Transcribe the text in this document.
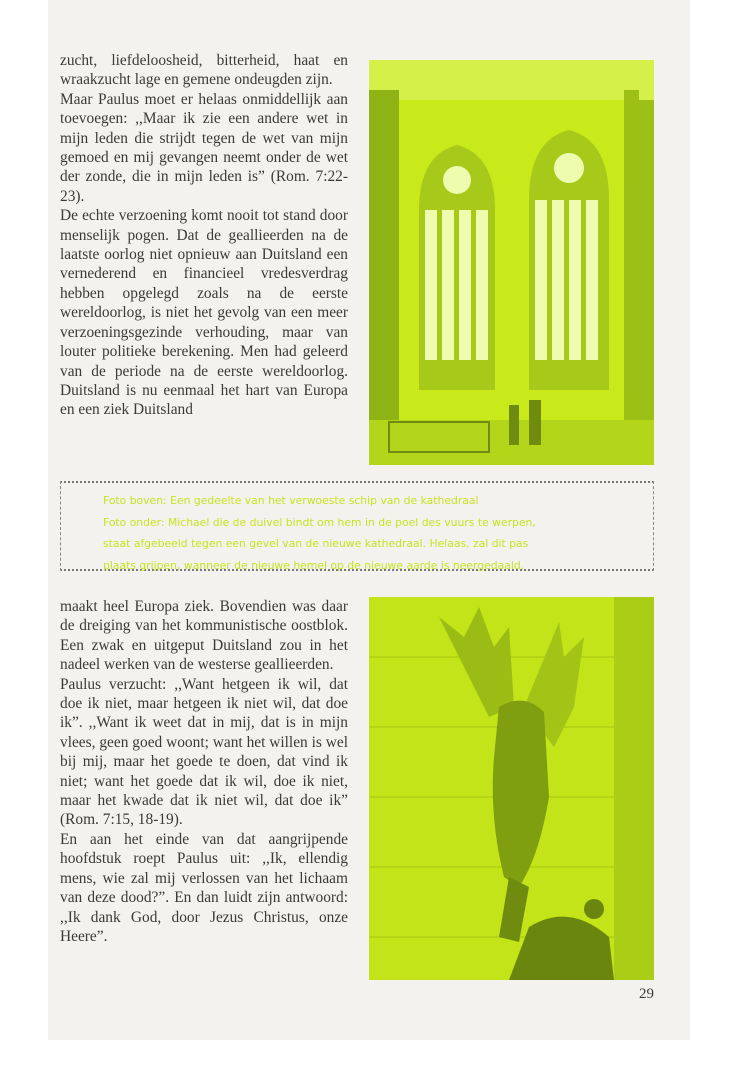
zucht, liefdeloosheid, bitterheid, haat en wraakzucht lage en gemene ondeugden zijn.

Maar Paulus moet er helaas onmiddellijk aan toevoegen: ,,Maar ik zie een andere wet in mijn leden die strijdt tegen de wet van mijn gemoed en mij gevangen neemt onder de wet der zonde, die in mijn leden is” (Rom. 7:22-23).

De echte verzoening komt nooit tot stand door menselijk pogen. Dat de geallieerden na de laatste oorlog niet opnieuw aan Duitsland een vernederend en financieel vredesverdrag hebben opgelegd zoals na de eerste wereldoorlog, is niet het gevolg van een meer verzoeningsgezinde verhouding, maar van louter politieke berekening. Men had geleerd van de periode na de eerste wereldoorlog. Duitsland is nu eenmaal het hart van Europa en een ziek Duitsland

Foto boven: Een gedeelte van het verwoeste schip van de kathedraal
Foto onder: Michael die de duivel bindt om hem in de poel des vuurs te werpen,
staat afgebeeld tegen een gevel van de nieuwe kathedraal. Helaas, zal dit pas
plaats grijpen, wanneer de nieuwe hemel op de nieuwe aarde is neergedaald.

maakt heel Europa ziek. Bovendien was daar de dreiging van het kommunistische oostblok. Een zwak en uitgeput Duitsland zou in het nadeel werken van de westerse geallieerden.

Paulus verzucht: ,,Want hetgeen ik wil, dat doe ik niet, maar hetgeen ik niet wil, dat doe ik”. ,,Want ik weet dat in mij, dat is in mijn vlees, geen goed woont; want het willen is wel bij mij, maar het goede te doen, dat vind ik niet; want het goede dat ik wil, doe ik niet, maar het kwade dat ik niet wil, dat doe ik” (Rom. 7:15, 18-19).

En aan het einde van dat aangrijpende hoofdstuk roept Paulus uit: ,,Ik, ellendig mens, wie zal mij verlossen van het lichaam van deze dood?”. En dan luidt zijn antwoord: ,,Ik dank God, door Jezus Christus, onze Heere”.

29
